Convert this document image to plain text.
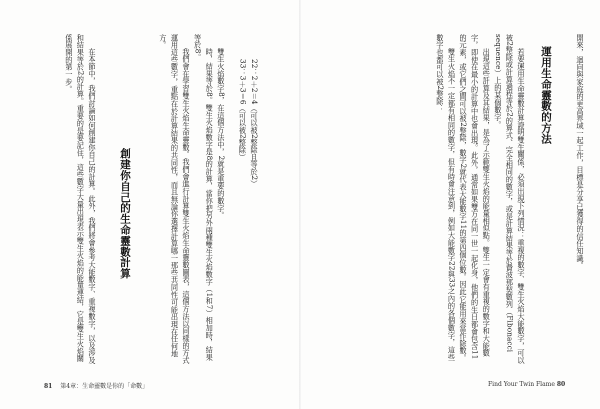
22：2＋2＝4（可以被2整除且等於2）

33：3＋3＝6（可以被2整除）

雙生火焰數字8，在這個方法中，2就是重要的數字。

時，結果等於8。雙生火焰數字是8的計算，當你把另外兩種雙生火焰數字（1和7）相加時，結果等於8。

我們會在學習雙生火焰生命靈數。我們會進行計算雙生火焰生命靈數圖表，這個方法以同樣的方式運用這些數字，重點在於計算結果的共同性，而且無論你選擇計算哪一那些共同性可能出現在任何地方。

創建你自己的生命靈數計算

在本節中，我們討論如何創建你自己的計算。此外，我們將會參考大能數字、重複數字，以及涉及和結果等於2的計算。重要的是要記住，這些數字大量出現表示雙生火焰的能量連結，它是雙生火焰關係展開的第一步。

81 第4章：生命靈數是你的「命數」

開來，迴向與家庭的更高界域一起工作，目標是分享已獲得的信任知識。

運用生命靈數的方法

若要運用生命靈數計算證明雙生關係，必須出現下列情況：重複的數字、雙生火焰大能數字，可以被2整除或計算過程等於2的算式、完全相同的數字，或是計算結果等於費波那契數列（Fibonacci sequence）上的某個數字。

出現這些計算及其結果，是為了示範雙生火焰的能量相似點。雙生一定會有重複的數字和大能數字，即使在最小的計算中也會出現。此外，通常如果雙方在同一世一起化身，他們的生日都會包含11的元素，或它們之間可以被2整除，數字2就代表大能數字11的第四個位數。因此它能用來當作除數。

雙生火焰不一定都有相同的數字，但有時會注意到，例如大能數字22與33之內的各個數字，這些數字也都可以被2整除：

Find Your Twin Flame 80
